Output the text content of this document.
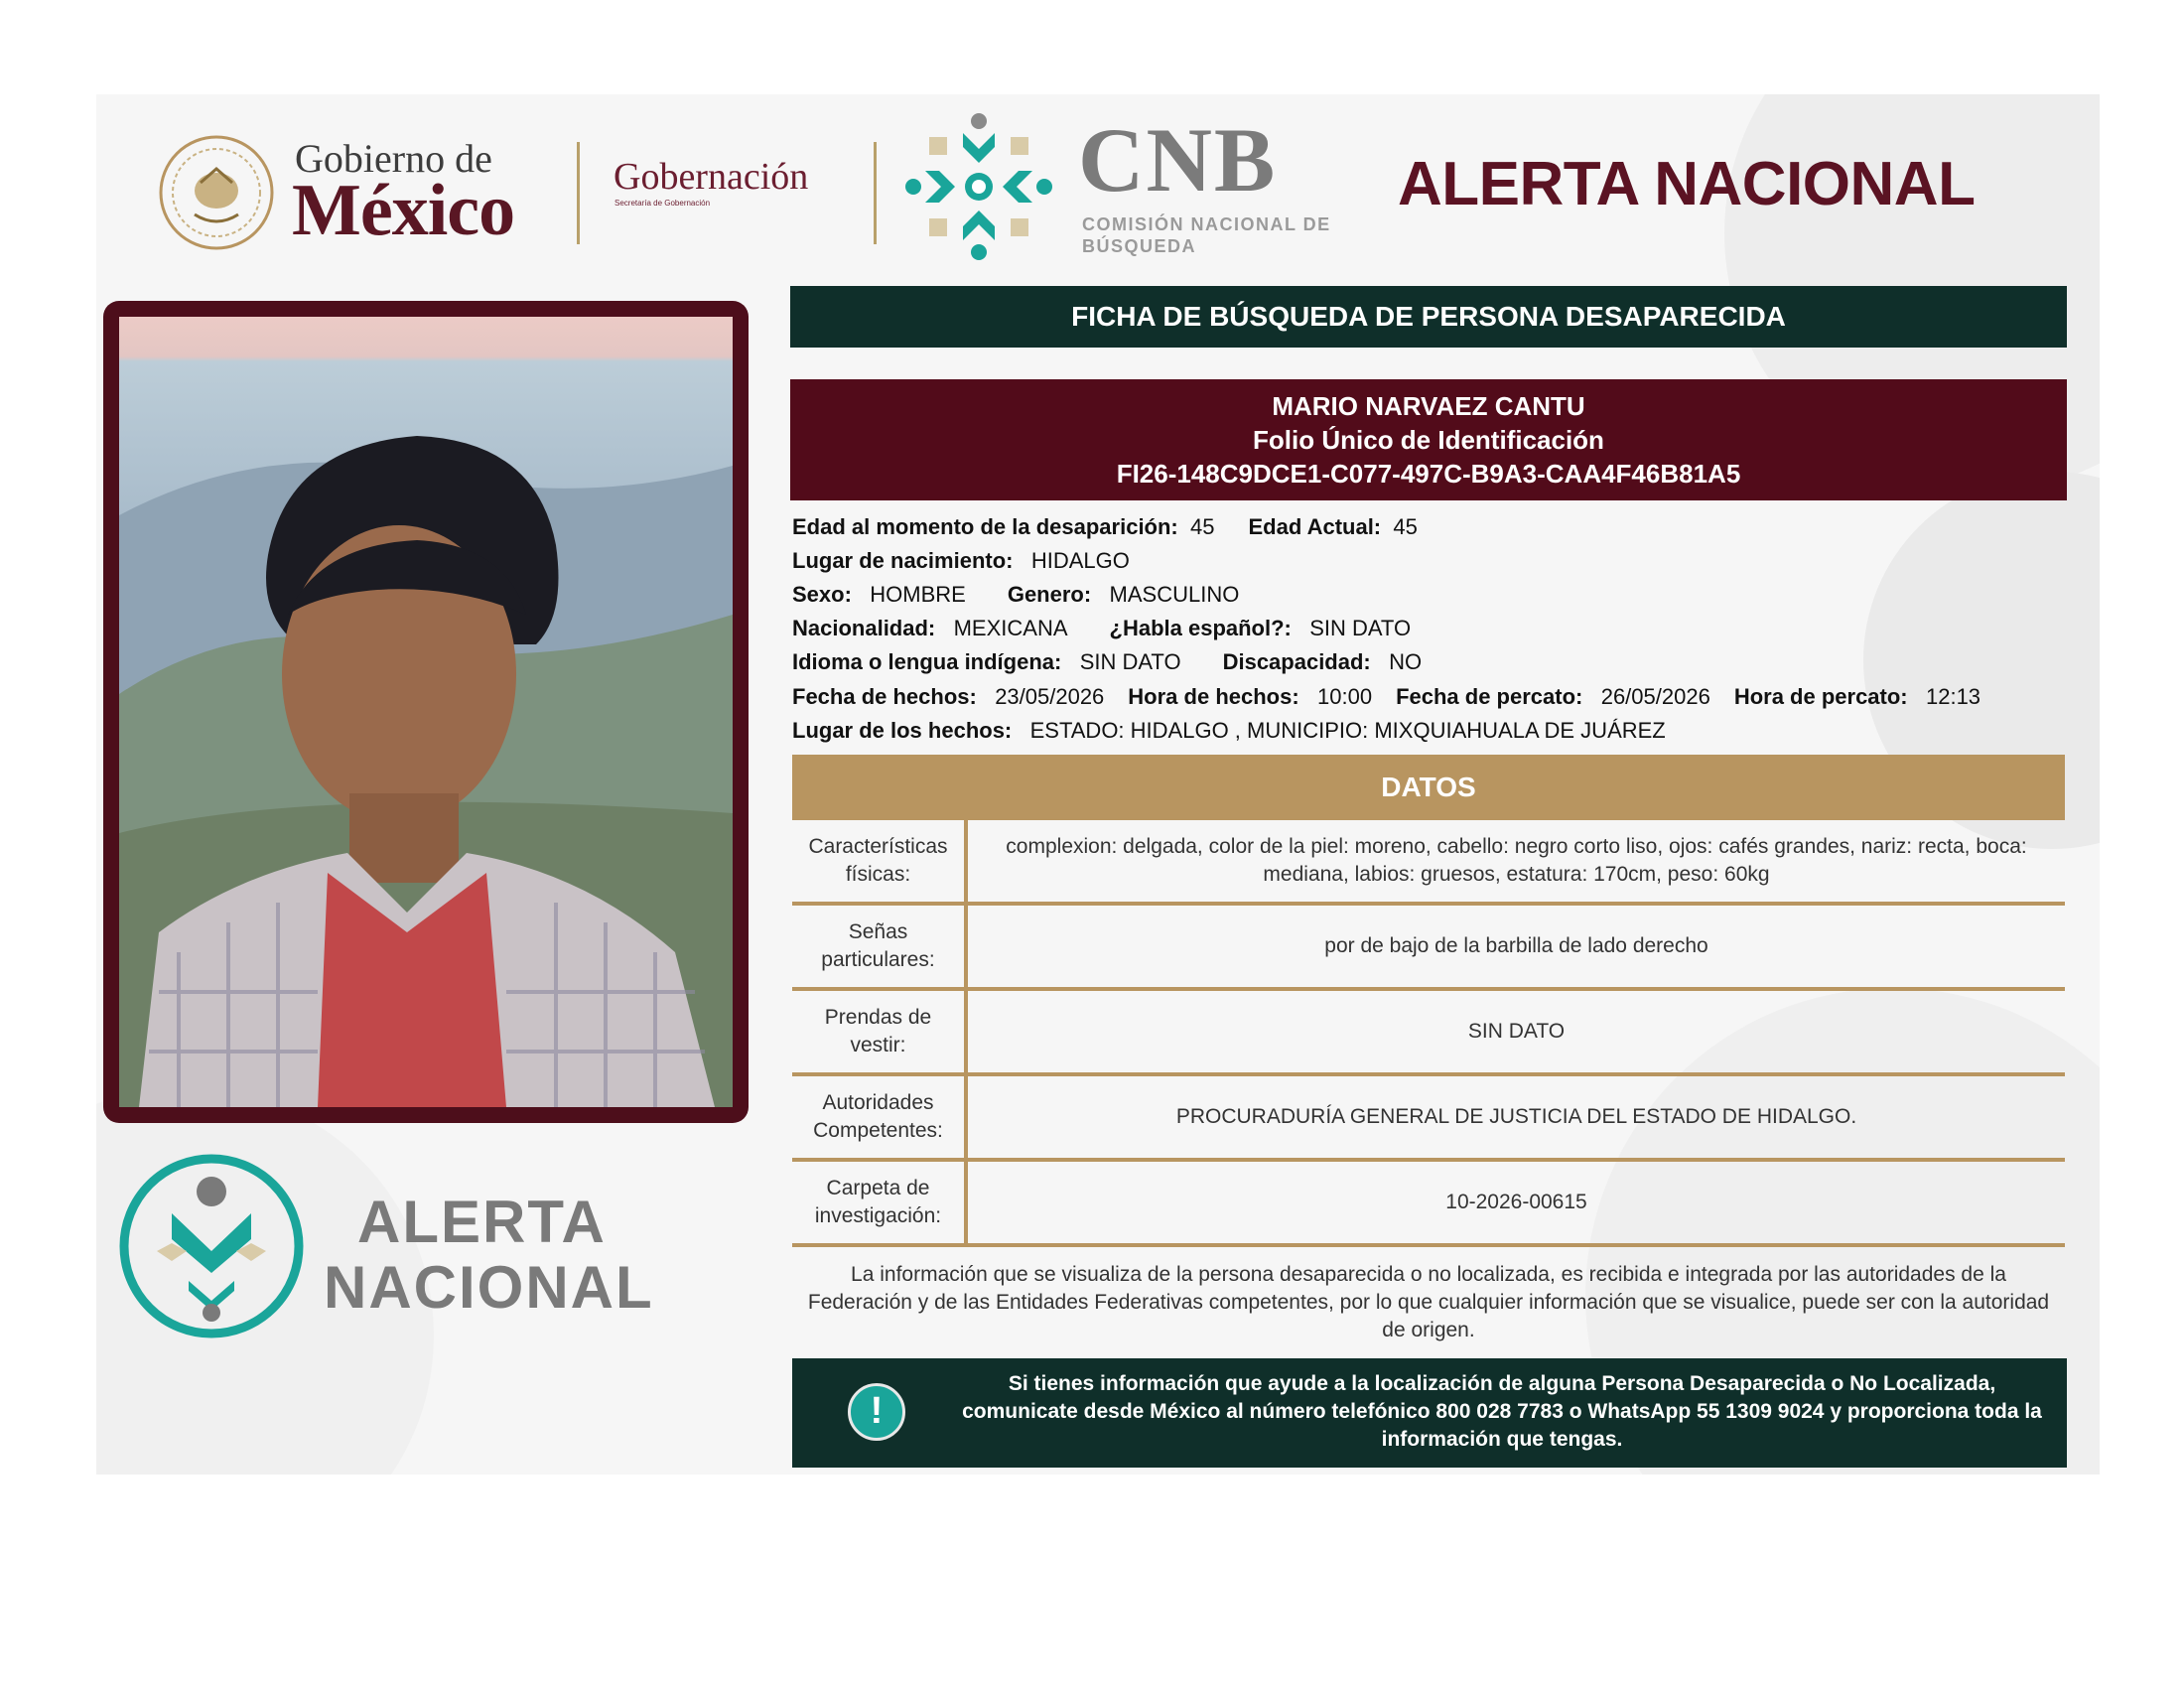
Gobierno de
México	Gobernación
Secretaría de Gobernación	CNB
COMISIÓN NACIONAL DE BÚSQUEDA
ALERTA NACIONAL
ALERTA
NACIONAL
FICHA DE BÚSQUEDA DE PERSONA DESAPARECIDA
MARIO NARVAEZ CANTU
Folio Único de Identificación
FI26-148C9DCE1-C077-497C-B9A3-CAA4F46B81A5
Edad al momento de la desaparición: 45 Edad Actual: 45
Lugar de nacimiento: HIDALGO
Sexo: HOMBRE Genero: MASCULINO
Nacionalidad: MEXICANA ¿Habla español?: SIN DATO
Idioma o lengua indígena: SIN DATO Discapacidad: NO
Fecha de hechos: 23/05/2026 Hora de hechos: 10:00 Fecha de percato: 26/05/2026 Hora de percato: 12:13
Lugar de los hechos: ESTADO: HIDALGO , MUNICIPIO: MIXQUIAHUALA DE JUÁREZ
DATOS
Características físicas:	complexion: delgada, color de la piel: moreno, cabello: negro corto liso, ojos: cafés grandes, nariz: recta, boca: mediana, labios: gruesos, estatura: 170cm, peso: 60kg
Señas particulares:	por de bajo de la barbilla de lado derecho
Prendas de vestir:	SIN DATO
Autoridades Competentes:	PROCURADURÍA GENERAL DE JUSTICIA DEL ESTADO DE HIDALGO.
Carpeta de investigación:	10-2026-00615
La información que se visualiza de la persona desaparecida o no localizada, es recibida e integrada por las autoridades de la Federación y de las Entidades Federativas competentes, por lo que cualquier información que se visualice, puede ser con la autoridad de origen.
!
Si tienes información que ayude a la localización de alguna Persona Desaparecida o No Localizada, comunicate desde México al número telefónico 800 028 7783 o WhatsApp 55 1309 9024 y proporciona toda la información que tengas.
